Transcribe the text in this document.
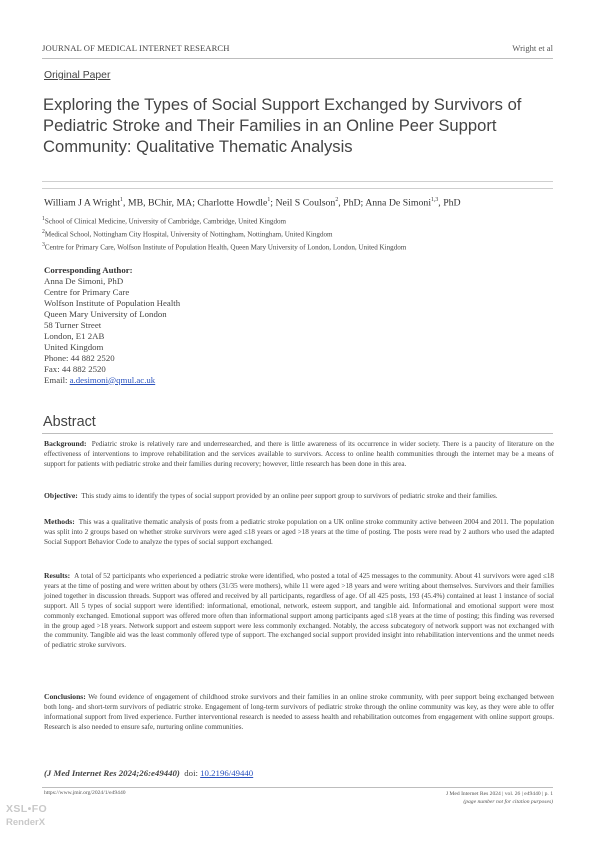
JOURNAL OF MEDICAL INTERNET RESEARCH	Wright et al
Original Paper
Exploring the Types of Social Support Exchanged by Survivors of Pediatric Stroke and Their Families in an Online Peer Support Community: Qualitative Thematic Analysis
William J A Wright$^1$, MB, BChir, MA; Charlotte Howdle$^1$; Neil S Coulson$^2$, PhD; Anna De Simoni$^{1,3}$, PhD
$^1$School of Clinical Medicine, University of Cambridge, Cambridge, United Kingdom
$^2$Medical School, Nottingham City Hospital, University of Nottingham, Nottingham, United Kingdom
$^3$Centre for Primary Care, Wolfson Institute of Population Health, Queen Mary University of London, London, United Kingdom
Corresponding Author:
Anna De Simoni, PhD
Centre for Primary Care
Wolfson Institute of Population Health
Queen Mary University of London
58 Turner Street
London, E1 2AB
United Kingdom
Phone: 44 882 2520
Fax: 44 882 2520
Email: a.desimoni@qmul.ac.uk
Abstract
Background: Pediatric stroke is relatively rare and underresearched, and there is little awareness of its occurrence in wider society. There is a paucity of literature on the effectiveness of interventions to improve rehabilitation and the services available to survivors. Access to online health communities through the internet may be a means of support for patients with pediatric stroke and their families during recovery; however, little research has been done in this area.
Objective: This study aims to identify the types of social support provided by an online peer support group to survivors of pediatric stroke and their families.
Methods: This was a qualitative thematic analysis of posts from a pediatric stroke population on a UK online stroke community active between 2004 and 2011. The population was split into 2 groups based on whether stroke survivors were aged ≤18 years or aged >18 years at the time of posting. The posts were read by 2 authors who used the adapted Social Support Behavior Code to analyze the types of social support exchanged.
Results: A total of 52 participants who experienced a pediatric stroke were identified, who posted a total of 425 messages to the community. About 41 survivors were aged ≤18 years at the time of posting and were written about by others (31/35 were mothers), while 11 were aged >18 years and were writing about themselves. Survivors and their families joined together in discussion threads. Support was offered and received by all participants, regardless of age. Of all 425 posts, 193 (45.4%) contained at least 1 instance of social support. All 5 types of social support were identified: informational, emotional, network, esteem support, and tangible aid. Informational and emotional support were most commonly exchanged. Emotional support was offered more often than informational support among participants aged ≤18 years at the time of posting; this finding was reversed in the group aged >18 years. Network support and esteem support were less commonly exchanged. Notably, the access subcategory of network support was not exchanged with the community. Tangible aid was the least commonly offered type of support. The exchanged social support provided insight into rehabilitation interventions and the unmet needs of pediatric stroke survivors.
Conclusions: We found evidence of engagement of childhood stroke survivors and their families in an online stroke community, with peer support being exchanged between both long- and short-term survivors of pediatric stroke. Engagement of long-term survivors of pediatric stroke through the online community was key, as they were able to offer informational support from lived experience. Further interventional research is needed to assess health and rehabilitation outcomes from engagement with online support groups. Research is also needed to ensure safe, nurturing online communities.
(J Med Internet Res 2024;26:e49440) doi: 10.2196/49440
https://www.jmir.org/2024/1/e49440	J Med Internet Res 2024 | vol. 26 | e49440 | p. 1
(page number not for citation purposes)
XSL•FO
RenderX
